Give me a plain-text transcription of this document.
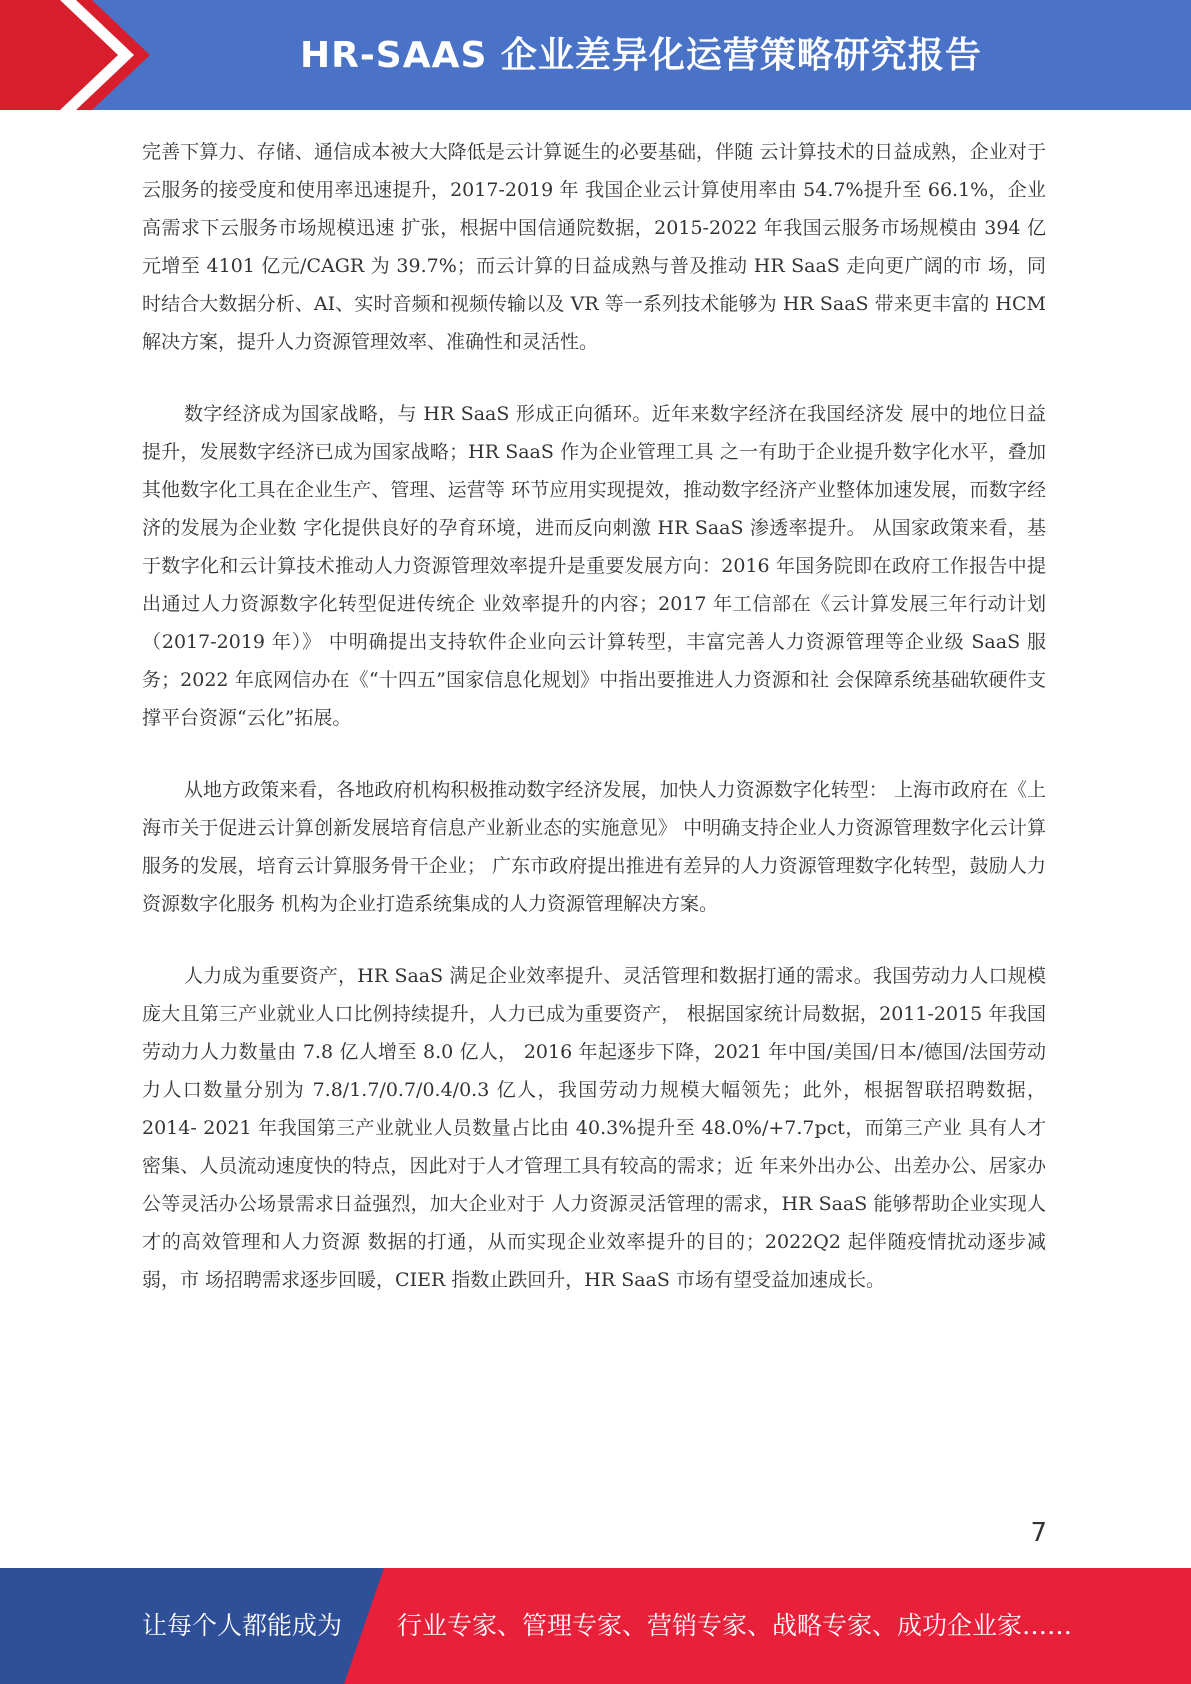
HR-SAAS 企业差异化运营策略研究报告

完善下算力、存储、通信成本被大大降低是云计算诞生的必要基础，伴随 云计算技术的日益成熟，企业对于云服务的接受度和使用率迅速提升，2017-2019 年 我国企业云计算使用率由 54.7%提升至 66.1%，企业高需求下云服务市场规模迅速 扩张，根据中国信通院数据，2015-2022 年我国云服务市场规模由 394 亿元增至 4101 亿元/CAGR 为 39.7%；而云计算的日益成熟与普及推动 HR SaaS 走向更广阔的市 场，同时结合大数据分析、AI、实时音频和视频传输以及 VR 等一系列技术能够为 HR SaaS 带来更丰富的 HCM 解决方案，提升人力资源管理效率、准确性和灵活性。

数字经济成为国家战略，与 HR SaaS 形成正向循环。近年来数字经济在我国经济发 展中的地位日益提升，发展数字经济已成为国家战略；HR SaaS 作为企业管理工具 之一有助于企业提升数字化水平，叠加其他数字化工具在企业生产、管理、运营等 环节应用实现提效，推动数字经济产业整体加速发展，而数字经济的发展为企业数 字化提供良好的孕育环境，进而反向刺激 HR SaaS 渗透率提升。 从国家政策来看，基于数字化和云计算技术推动人力资源管理效率提升是重要发展方向：2016 年国务院即在政府工作报告中提出通过人力资源数字化转型促进传统企 业效率提升的内容；2017 年工信部在《云计算发展三年行动计划（2017-2019 年）》 中明确提出支持软件企业向云计算转型，丰富完善人力资源管理等企业级 SaaS 服 务；2022 年底网信办在《“十四五”国家信息化规划》中指出要推进人力资源和社 会保障系统基础软硬件支撑平台资源“云化”拓展。

从地方政策来看，各地政府机构积极推动数字经济发展，加快人力资源数字化转型： 上海市政府在《上海市关于促进云计算创新发展培育信息产业新业态的实施意见》 中明确支持企业人力资源管理数字化云计算服务的发展，培育云计算服务骨干企业； 广东市政府提出推进有差异的人力资源管理数字化转型，鼓励人力资源数字化服务 机构为企业打造系统集成的人力资源管理解决方案。

人力成为重要资产，HR SaaS 满足企业效率提升、灵活管理和数据打通的需求。我国劳动力人口规模庞大且第三产业就业人口比例持续提升，人力已成为重要资产， 根据国家统计局数据，2011-2015 年我国劳动力人力数量由 7.8 亿人增至 8.0 亿人， 2016 年起逐步下降，2021 年中国/美国/日本/德国/法国劳动力人口数量分别为 7.8/1.7/0.7/0.4/0.3 亿人，我国劳动力规模大幅领先；此外，根据智联招聘数据，2014- 2021 年我国第三产业就业人员数量占比由 40.3%提升至 48.0%/+7.7pct，而第三产业 具有人才密集、人员流动速度快的特点，因此对于人才管理工具有较高的需求；近 年来外出办公、出差办公、居家办公等灵活办公场景需求日益强烈，加大企业对于 人力资源灵活管理的需求，HR SaaS 能够帮助企业实现人才的高效管理和人力资源 数据的打通，从而实现企业效率提升的目的；2022Q2 起伴随疫情扰动逐步减弱，市 场招聘需求逐步回暖，CIER 指数止跌回升，HR SaaS 市场有望受益加速成长。

7
让每个人都能成为 行业专家、管理专家、营销专家、战略专家、成功企业家……
